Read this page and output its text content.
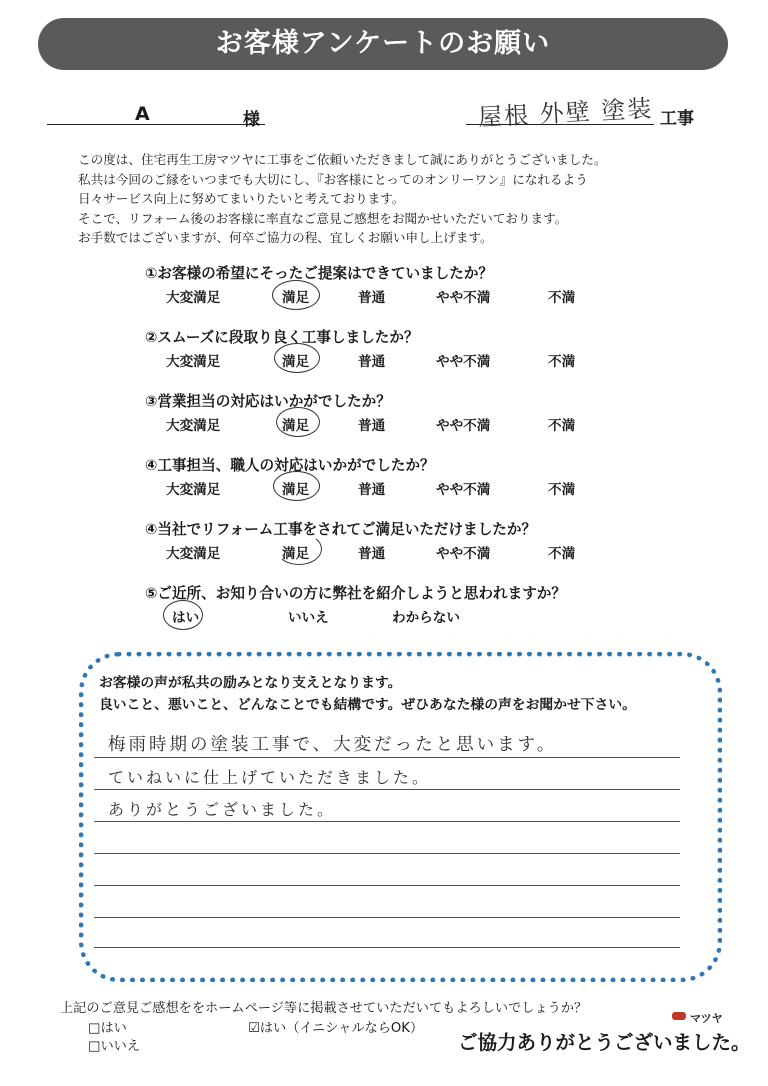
お客様アンケートのお願い
A	様	屋根 外壁 塗装 工事
この度は、住宅再生工房マツヤに工事をご依頼いただきまして誠にありがとうございました。
私共は今回のご縁をいつまでも大切にし、『お客様にとってのオンリーワン』になれるよう
日々サービス向上に努めてまいりたいと考えております。
そこで、リフォーム後のお客様に率直なご意見ご感想をお聞かせいただいております。
お手数ではございますが、何卒ご協力の程、宜しくお願い申し上げます。
①お客様の希望にそったご提案はできていましたか？
大変満足	満足	普通	やや不満	不満
②スムーズに段取り良く工事しましたか？
大変満足	満足	普通	やや不満	不満
③営業担当の対応はいかがでしたか？
大変満足	満足	普通	やや不満	不満
④工事担当、職人の対応はいかがでしたか？
大変満足	満足	普通	やや不満	不満
④当社でリフォーム工事をされてご満足いただけましたか？
大変満足	満足	普通	やや不満	不満
⑤ご近所、お知り合いの方に弊社を紹介しようと思われますか？
はい	いいえ	わからない
お客様の声が私共の励みとなり支えとなります。
良いこと、悪いこと、どんなことでも結構です。ぜひあなた様の声をお聞かせ下さい。
梅雨時期の塗装工事で、大変だったと思います。
ていねいに仕上げていただきました。
ありがとうございました。
上記のご意見ご感想ををホームページ等に掲載させていただいてもよろしいでしょうか？
□はい	☑はい（イニシャルならOK）
□いいえ
マツヤ
ご協力ありがとうございました。
